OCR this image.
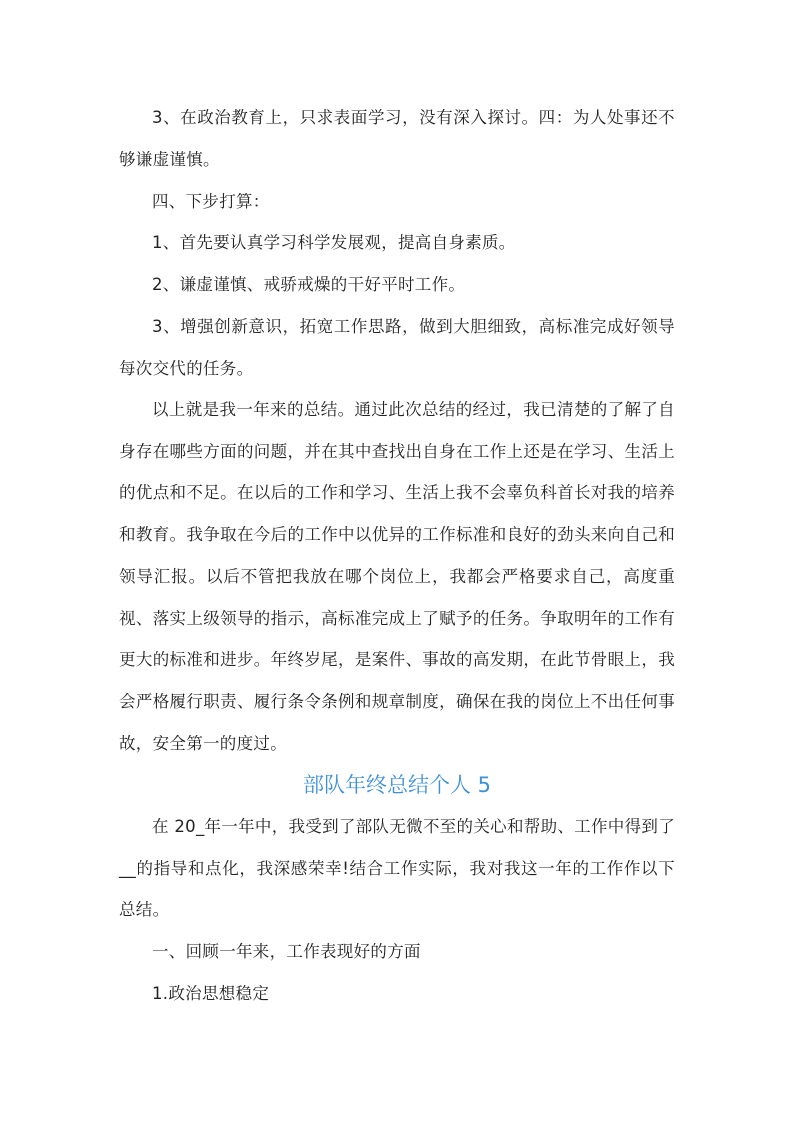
3、在政治教育上，只求表面学习，没有深入探讨。四：为人处事还不够谦虚谨慎。

四、下步打算：

1、首先要认真学习科学发展观，提高自身素质。

2、谦虚谨慎、戒骄戒燥的干好平时工作。

3、增强创新意识，拓宽工作思路，做到大胆细致，高标准完成好领导每次交代的任务。

以上就是我一年来的总结。通过此次总结的经过，我已清楚的了解了自身存在哪些方面的问题，并在其中查找出自身在工作上还是在学习、生活上的优点和不足。在以后的工作和学习、生活上我不会辜负科首长对我的培养和教育。我争取在今后的工作中以优异的工作标准和良好的劲头来向自己和领导汇报。以后不管把我放在哪个岗位上，我都会严格要求自己，高度重视、落实上级领导的指示，高标准完成上了赋予的任务。争取明年的工作有更大的标准和进步。年终岁尾，是案件、事故的高发期，在此节骨眼上，我会严格履行职责、履行条令条例和规章制度，确保在我的岗位上不出任何事故，安全第一的度过。

部队年终总结个人 5

在 20_年一年中，我受到了部队无微不至的关心和帮助、工作中得到了__的指导和点化，我深感荣幸!结合工作实际，我对我这一年的工作作以下总结。

一、回顾一年来，工作表现好的方面

1.政治思想稳定
